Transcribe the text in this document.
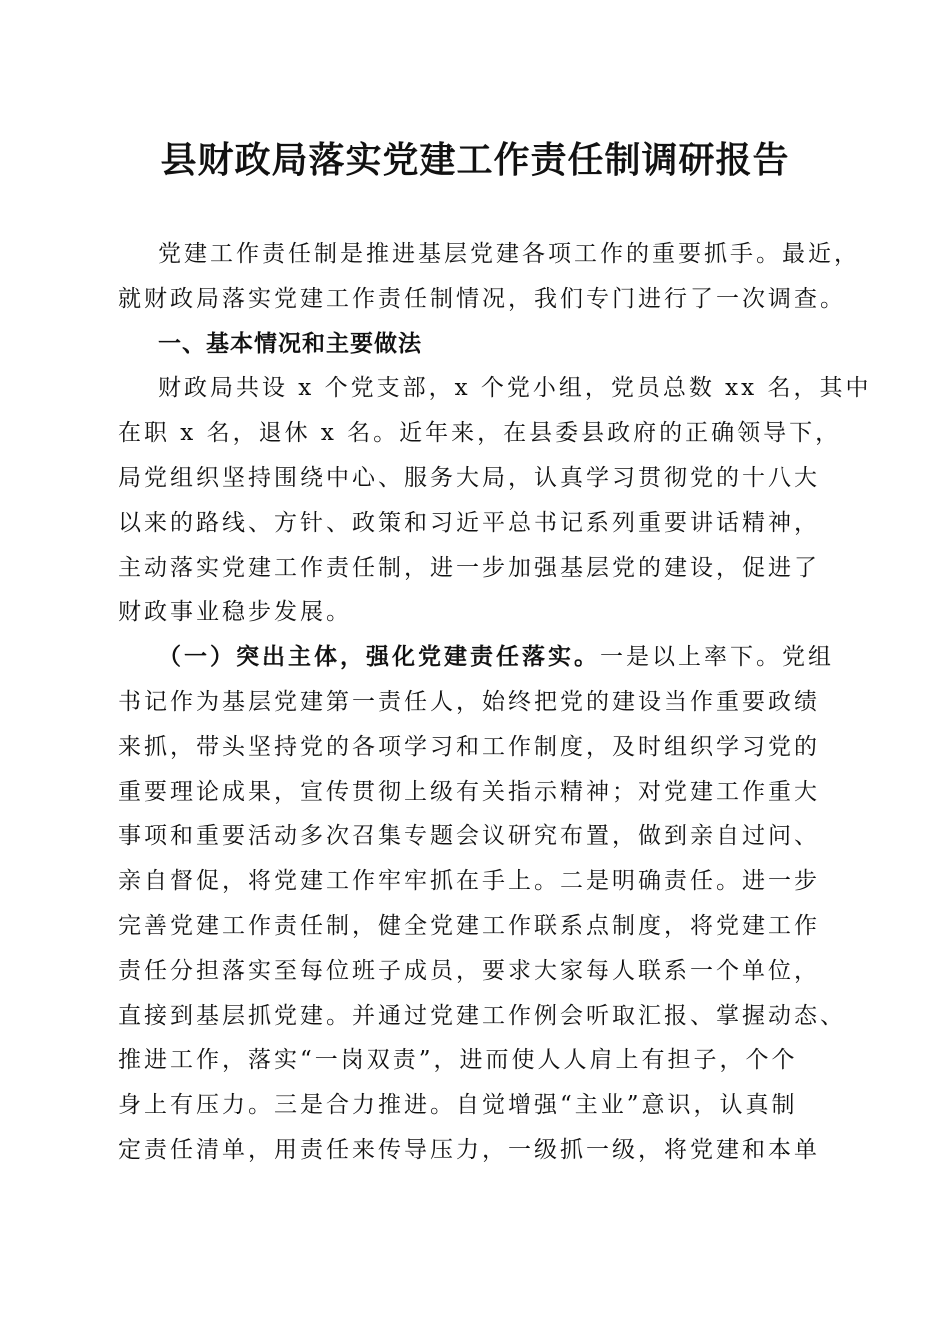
县财政局落实党建工作责任制调研报告
党建工作责任制是推进基层党建各项工作的重要抓手。最近，
就财政局落实党建工作责任制情况，我们专门进行了一次调查。
一、基本情况和主要做法
财政局共设 x 个党支部，x 个党小组，党员总数 xx 名，其中
在职 x 名，退休 x 名。近年来，在县委县政府的正确领导下，
局党组织坚持围绕中心、服务大局，认真学习贯彻党的十八大
以来的路线、方针、政策和习近平总书记系列重要讲话精神，
主动落实党建工作责任制，进一步加强基层党的建设，促进了
财政事业稳步发展。
（一）突出主体，强化党建责任落实。一是以上率下。党组
书记作为基层党建第一责任人，始终把党的建设当作重要政绩
来抓，带头坚持党的各项学习和工作制度，及时组织学习党的
重要理论成果，宣传贯彻上级有关指示精神；对党建工作重大
事项和重要活动多次召集专题会议研究布置，做到亲自过问、
亲自督促，将党建工作牢牢抓在手上。二是明确责任。进一步
完善党建工作责任制，健全党建工作联系点制度，将党建工作
责任分担落实至每位班子成员，要求大家每人联系一个单位，
直接到基层抓党建。并通过党建工作例会听取汇报、掌握动态、
推进工作，落实“一岗双责”，进而使人人肩上有担子，个个
身上有压力。三是合力推进。自觉增强“主业”意识，认真制
定责任清单，用责任来传导压力，一级抓一级，将党建和本单
